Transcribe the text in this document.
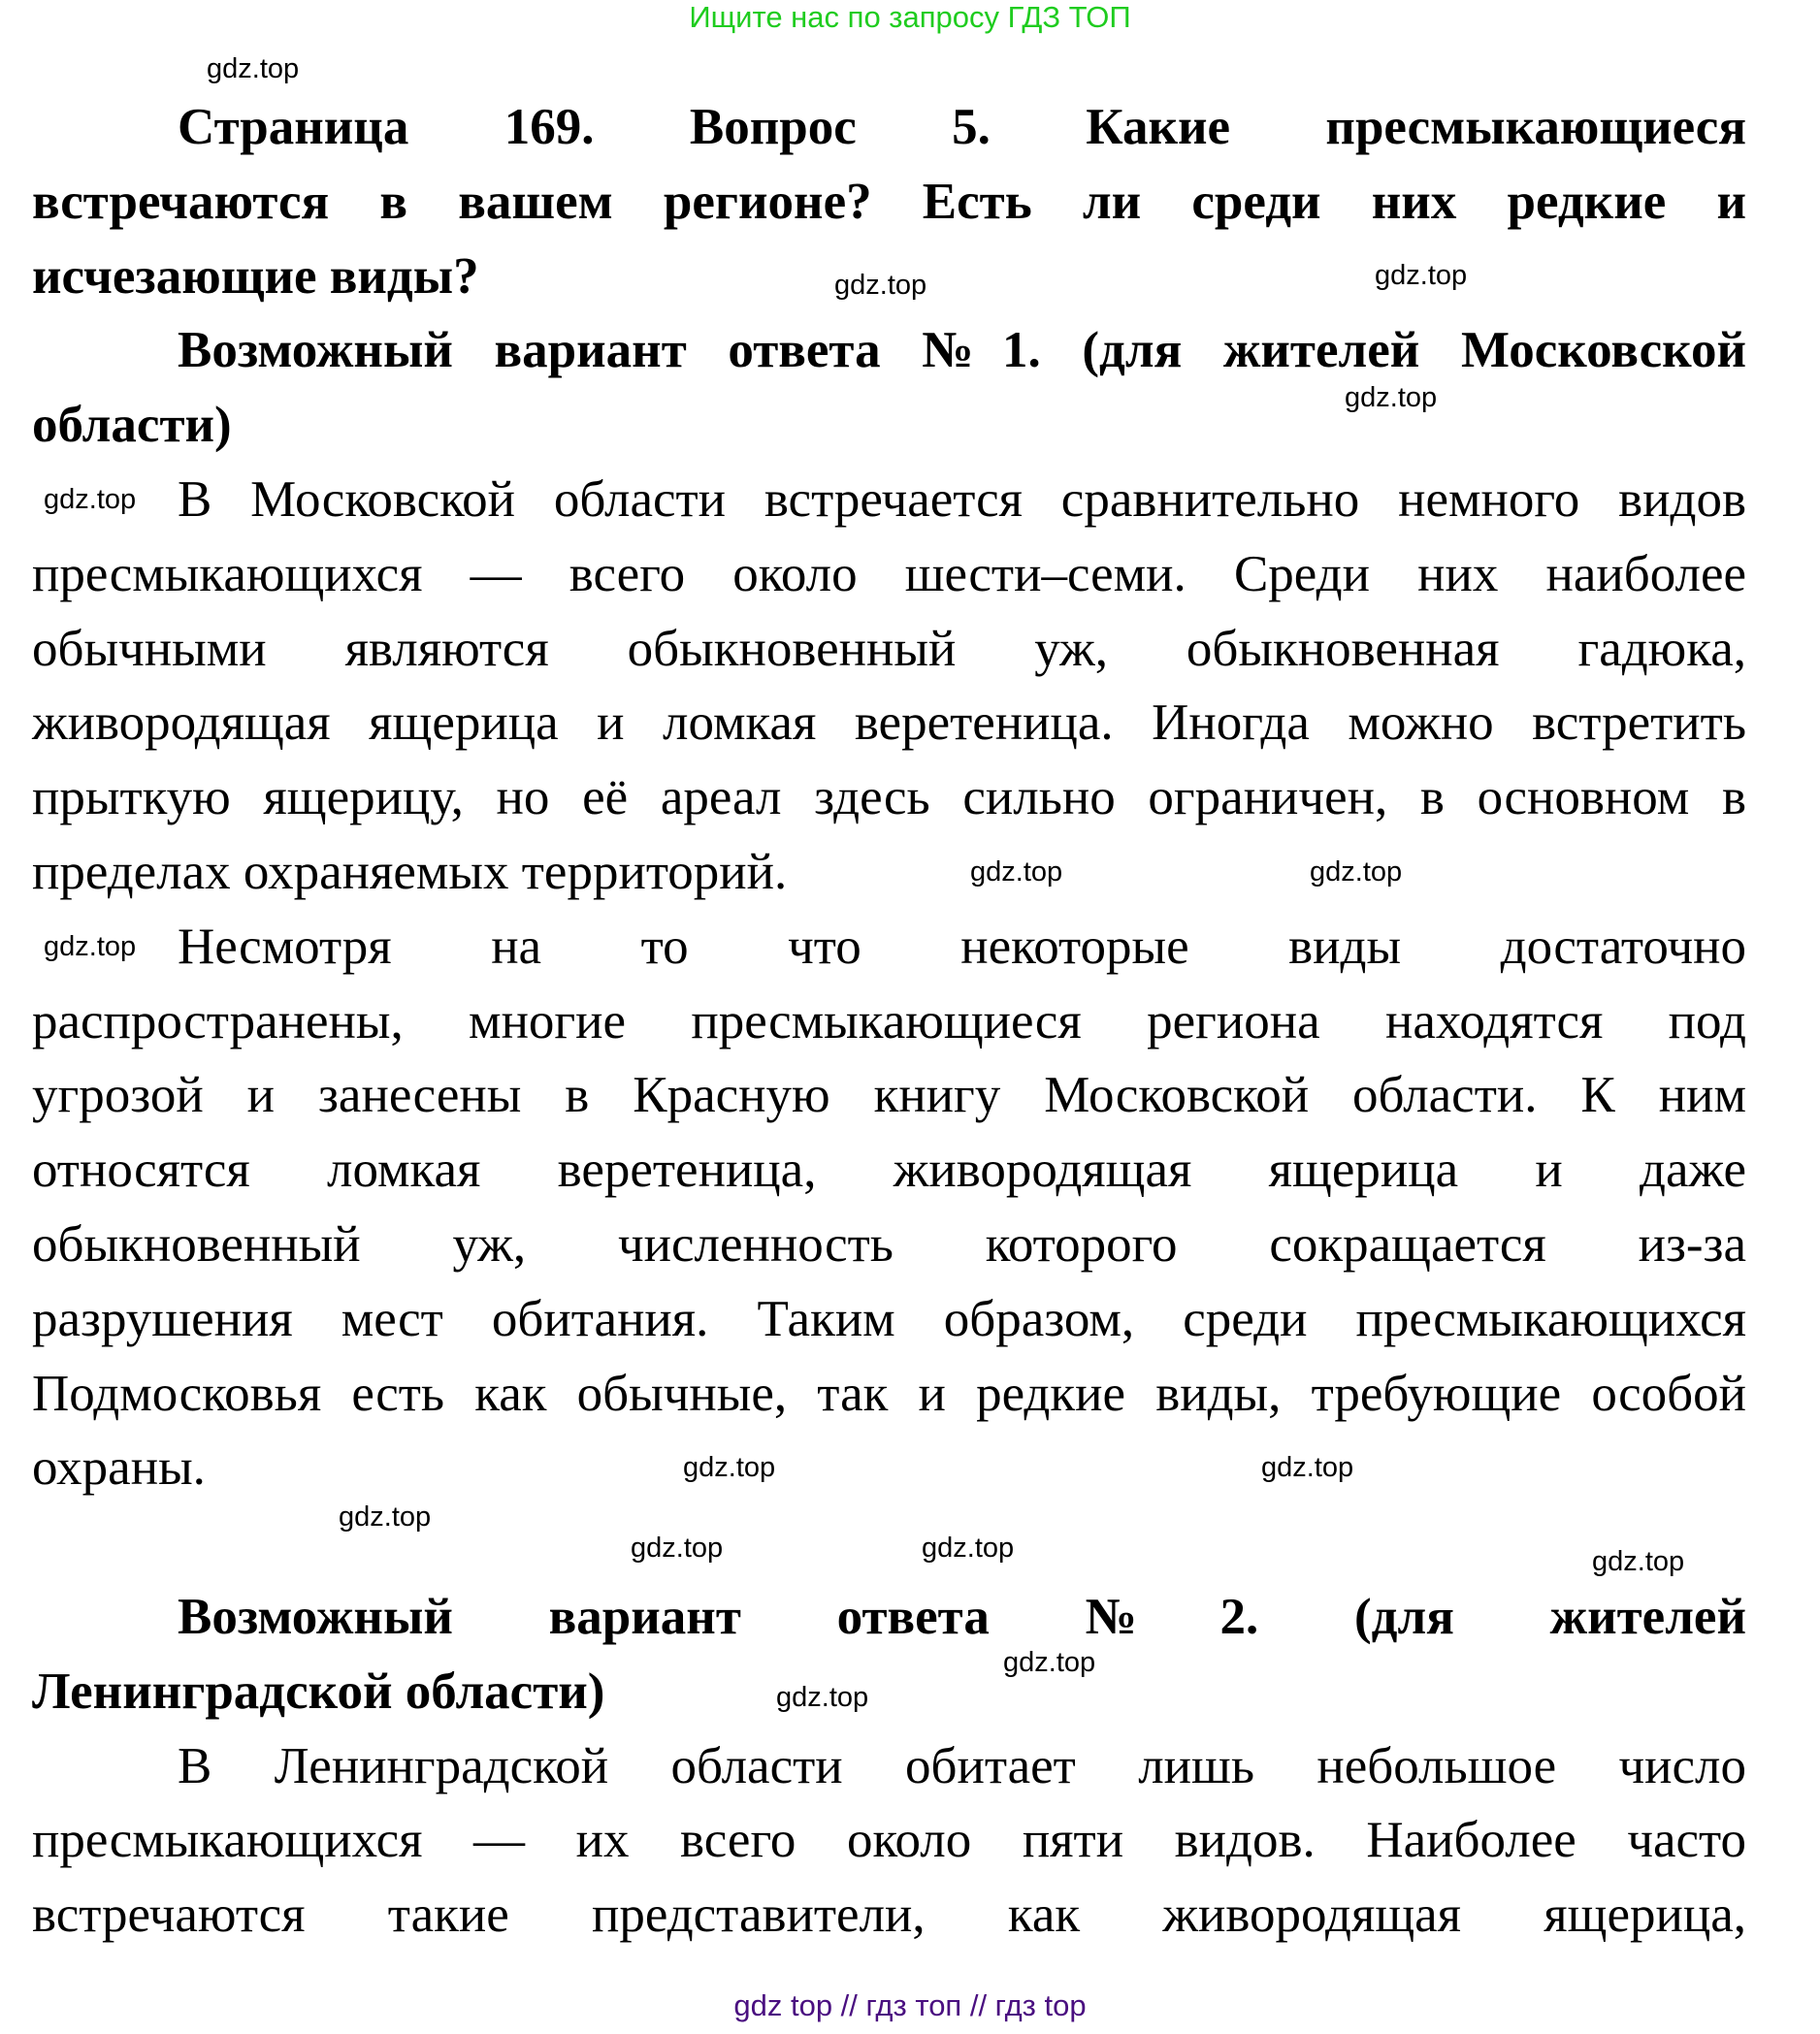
Ищите нас по запросу ГДЗ ТОП
Страница 169. Вопрос 5. Какие пресмыкающиеся
встречаются в вашем регионе? Есть ли среди них редкие и
исчезающие виды?
Возможный вариант ответа №1. (для жителей Московской
области)
В Московской области встречается сравнительно немного видов
пресмыкающихся — всего около шести–семи. Среди них наиболее
обычными являются обыкновенный уж, обыкновенная гадюка,
живородящая ящерица и ломкая веретеница. Иногда можно встретить
прыткую ящерицу, но её ареал здесь сильно ограничен, в основном в
пределах охраняемых территорий.
Несмотря на то что некоторые виды достаточно
распространены, многие пресмыкающиеся региона находятся под
угрозой и занесены в Красную книгу Московской области. К ним
относятся ломкая веретеница, живородящая ящерица и даже
обыкновенный уж, численность которого сокращается из-за
разрушения мест обитания. Таким образом, среди пресмыкающихся
Подмосковья есть как обычные, так и редкие виды, требующие особой
охраны.
Возможный вариант ответа №2. (для жителей
Ленинградской области)
В Ленинградской области обитает лишь небольшое число
пресмыкающихся — их всего около пяти видов. Наиболее часто
встречаются такие представители, как живородящая ящерица,
gdz.top
gdz.top
gdz.top
gdz.top
gdz.top
gdz.top	gdz.top
gdz.top
gdz.top	gdz.top
gdz.top
gdz.top
gdz.top
gdz.top
gdz.top
gdz.top
gdz top // гдз топ // гдз top
